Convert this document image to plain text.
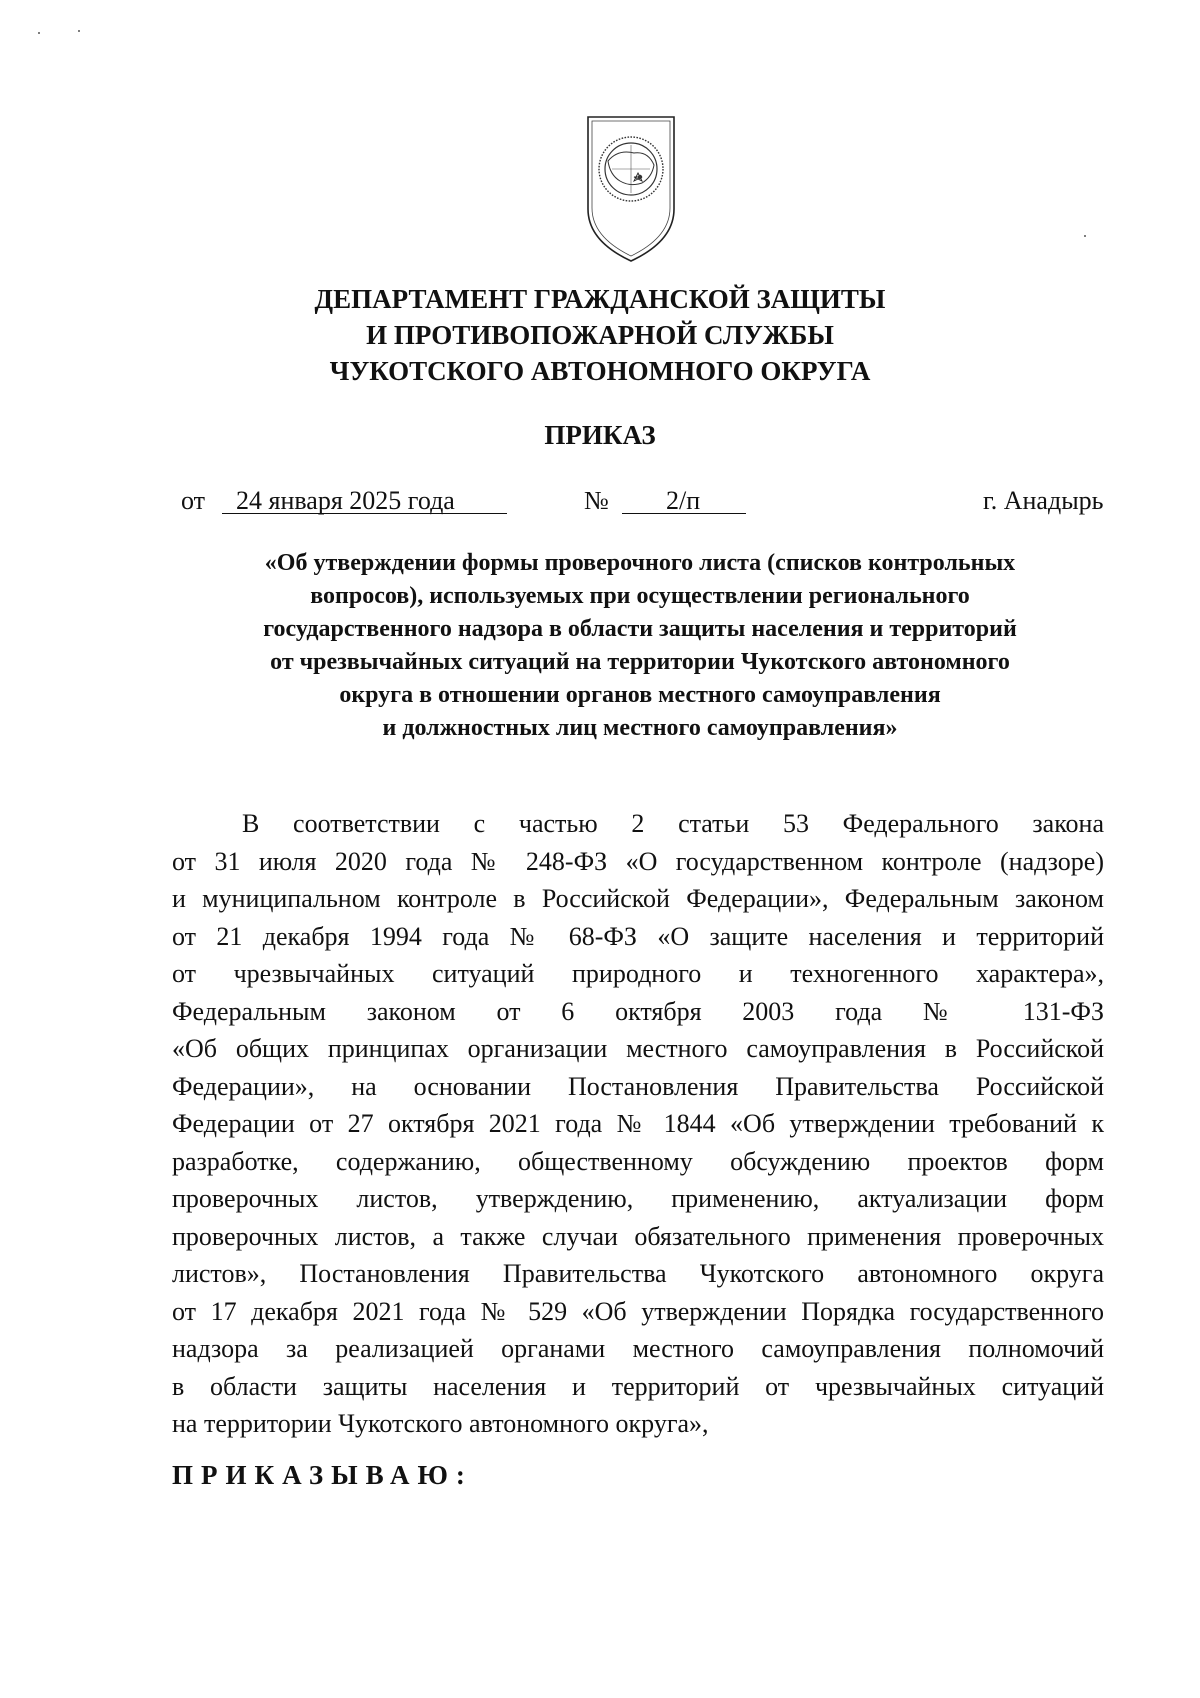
ДЕПАРТАМЕНТ ГРАЖДАНСКОЙ ЗАЩИТЫ
И ПРОТИВОПОЖАРНОЙ СЛУЖБЫ
ЧУКОТСКОГО АВТОНОМНОГО ОКРУГА
ПРИКАЗ
от 24 января 2025 года	№ 2/п	г. Анадырь
«Об утверждении формы проверочного листа (списков контрольных
вопросов), используемых при осуществлении регионального
государственного надзора в области защиты населения и территорий
от чрезвычайных ситуаций на территории Чукотского автономного
округа в отношении органов местного самоуправления
и должностных лиц местного самоуправления»
В соответствии с частью 2 статьи 53 Федерального закона
от 31 июля 2020 года № 248-ФЗ «О государственном контроле (надзоре)
и муниципальном контроле в Российской Федерации», Федеральным законом
от 21 декабря 1994 года № 68-ФЗ «О защите населения и территорий
от чрезвычайных ситуаций природного и техногенного характера»,
Федеральным законом от 6 октября 2003 года № 131-ФЗ
«Об общих принципах организации местного самоуправления в Российской
Федерации», на основании Постановления Правительства Российской
Федерации от 27 октября 2021 года № 1844 «Об утверждении требований к
разработке, содержанию, общественному обсуждению проектов форм
проверочных листов, утверждению, применению, актуализации форм
проверочных листов, а также случаи обязательного применения проверочных
листов», Постановления Правительства Чукотского автономного округа
от 17 декабря 2021 года № 529 «Об утверждении Порядка государственного
надзора за реализацией органами местного самоуправления полномочий
в области защиты населения и территорий от чрезвычайных ситуаций
на территории Чукотского автономного округа»,
ПРИКАЗЫВАЮ:
